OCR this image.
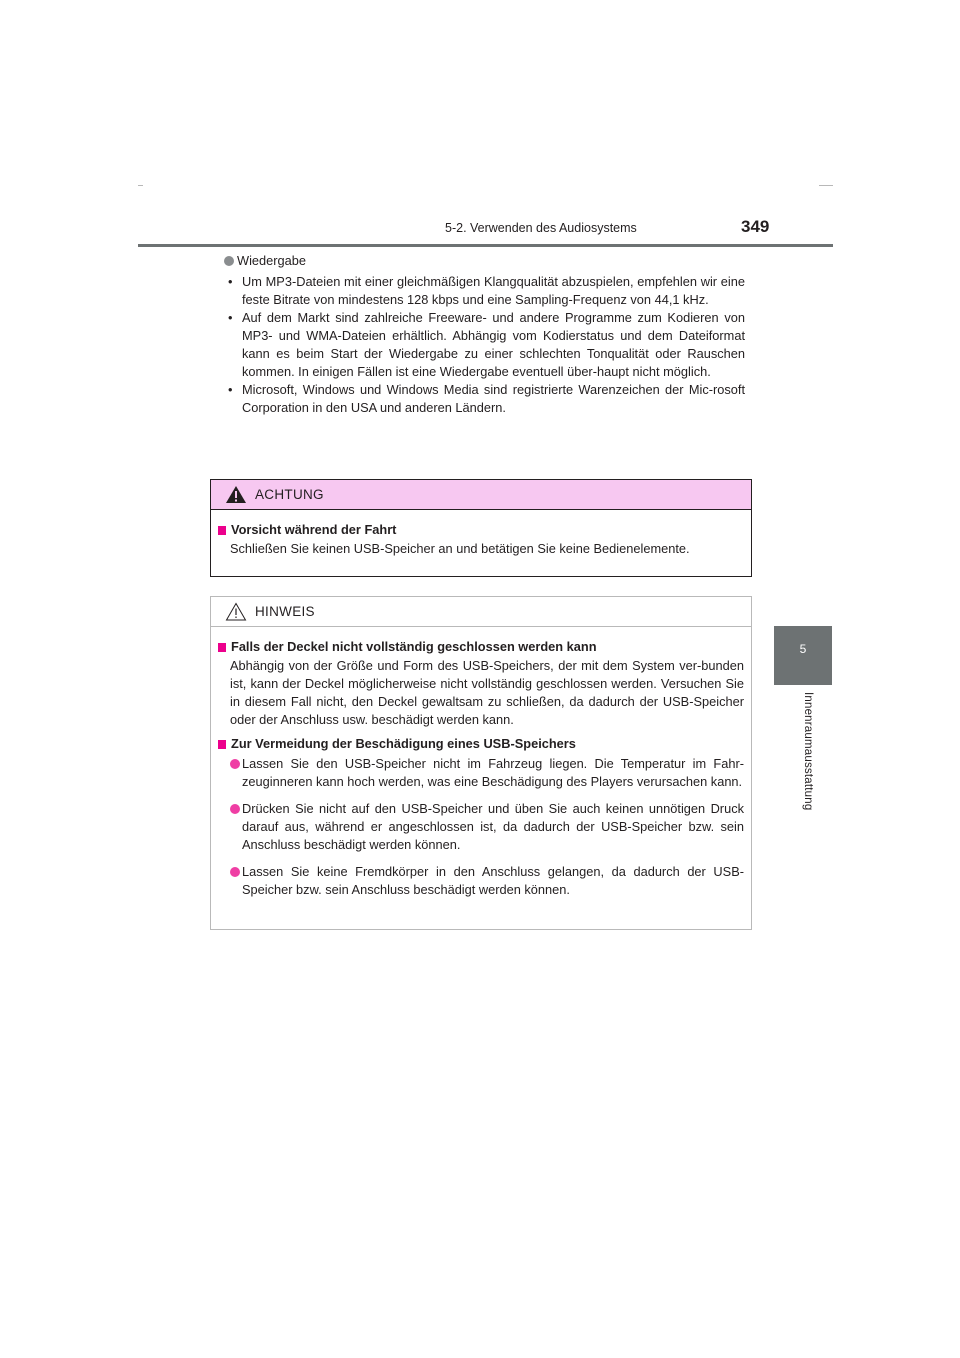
5-2. Verwenden des Audiosystems	349
5
Innenraumausstattung
Wiedergabe
• Um MP3-Dateien mit einer gleichmäßigen Klangqualität abzuspielen, empfehlen wir eine feste Bitrate von mindestens 128 kbps und eine Sampling-Frequenz von 44,1 kHz.
• Auf dem Markt sind zahlreiche Freeware- und andere Programme zum Kodieren von MP3- und WMA-Dateien erhältlich. Abhängig vom Kodierstatus und dem Dateiformat kann es beim Start der Wiedergabe zu einer schlechten Tonqualität oder Rauschen kommen. In einigen Fällen ist eine Wiedergabe eventuell über-haupt nicht möglich.
• Microsoft, Windows und Windows Media sind registrierte Warenzeichen der Mic-rosoft Corporation in den USA und anderen Ländern.
ACHTUNG
Vorsicht während der Fahrt
Schließen Sie keinen USB-Speicher an und betätigen Sie keine Bedienelemente.
HINWEIS
Falls der Deckel nicht vollständig geschlossen werden kann
Abhängig von der Größe und Form des USB-Speichers, der mit dem System ver-bunden ist, kann der Deckel möglicherweise nicht vollständig geschlossen werden. Versuchen Sie in diesem Fall nicht, den Deckel gewaltsam zu schließen, da dadurch der USB-Speicher oder der Anschluss usw. beschädigt werden kann.
Zur Vermeidung der Beschädigung eines USB-Speichers
Lassen Sie den USB-Speicher nicht im Fahrzeug liegen. Die Temperatur im Fahr-zeuginneren kann hoch werden, was eine Beschädigung des Players verursachen kann.
Drücken Sie nicht auf den USB-Speicher und üben Sie auch keinen unnötigen Druck darauf aus, während er angeschlossen ist, da dadurch der USB-Speicher bzw. sein Anschluss beschädigt werden können.
Lassen Sie keine Fremdkörper in den Anschluss gelangen, da dadurch der USB-Speicher bzw. sein Anschluss beschädigt werden können.
